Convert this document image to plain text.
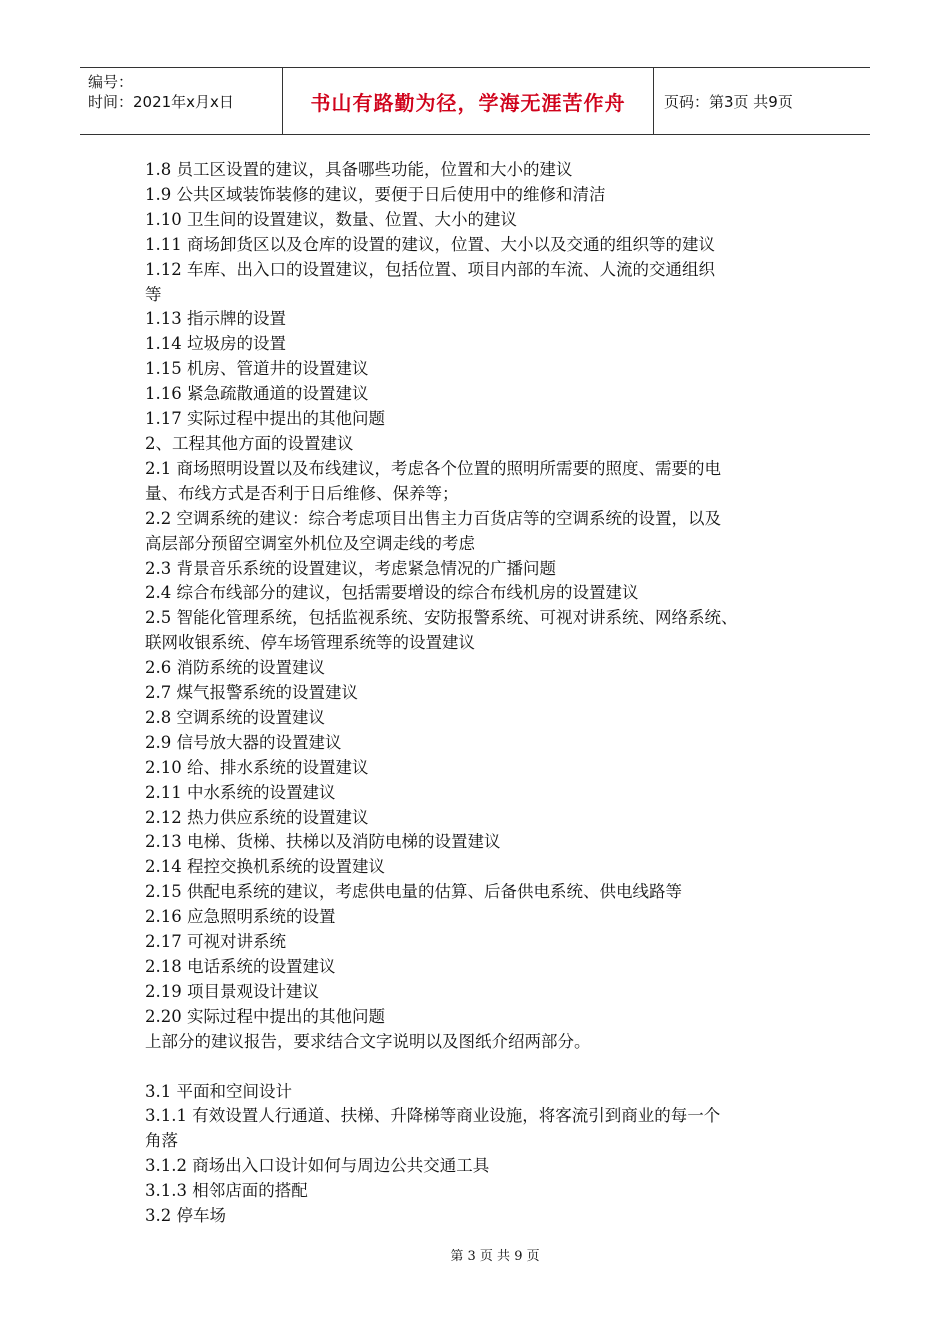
编号：
时间：2021年x月x日	书山有路勤为径，学海无涯苦作舟	页码：第3页 共9页

1.8 员工区设置的建议，具备哪些功能，位置和大小的建议

1.9 公共区域装饰装修的建议，要便于日后使用中的维修和清洁

1.10 卫生间的设置建议，数量、位置、大小的建议

1.11 商场卸货区以及仓库的设置的建议，位置、大小以及交通的组织等的建议

1.12 车库、出入口的设置建议，包括位置、项目内部的车流、人流的交通组织

等

1.13 指示牌的设置

1.14 垃圾房的设置

1.15 机房、管道井的设置建议

1.16 紧急疏散通道的设置建议

1.17 实际过程中提出的其他问题

2、工程其他方面的设置建议

2.1 商场照明设置以及布线建议，考虑各个位置的照明所需要的照度、需要的电

量、布线方式是否利于日后维修、保养等；

2.2 空调系统的建议：综合考虑项目出售主力百货店等的空调系统的设置，以及

高层部分预留空调室外机位及空调走线的考虑

2.3 背景音乐系统的设置建议，考虑紧急情况的广播问题

2.4 综合布线部分的建议，包括需要增设的综合布线机房的设置建议

2.5 智能化管理系统，包括监视系统、安防报警系统、可视对讲系统、网络系统、

联网收银系统、停车场管理系统等的设置建议

2.6 消防系统的设置建议

2.7 煤气报警系统的设置建议

2.8 空调系统的设置建议

2.9 信号放大器的设置建议

2.10 给、排水系统的设置建议

2.11 中水系统的设置建议

2.12 热力供应系统的设置建议

2.13 电梯、货梯、扶梯以及消防电梯的设置建议

2.14 程控交换机系统的设置建议

2.15 供配电系统的建议，考虑供电量的估算、后备供电系统、供电线路等

2.16 应急照明系统的设置

2.17 可视对讲系统

2.18 电话系统的设置建议

2.19 项目景观设计建议

2.20 实际过程中提出的其他问题

上部分的建议报告，要求结合文字说明以及图纸介绍两部分。

3.1 平面和空间设计

3.1.1 有效设置人行通道、扶梯、升降梯等商业设施，将客流引到商业的每一个

角落

3.1.2 商场出入口设计如何与周边公共交通工具

3.1.3 相邻店面的搭配

3.2 停车场

第 3 页 共 9 页
